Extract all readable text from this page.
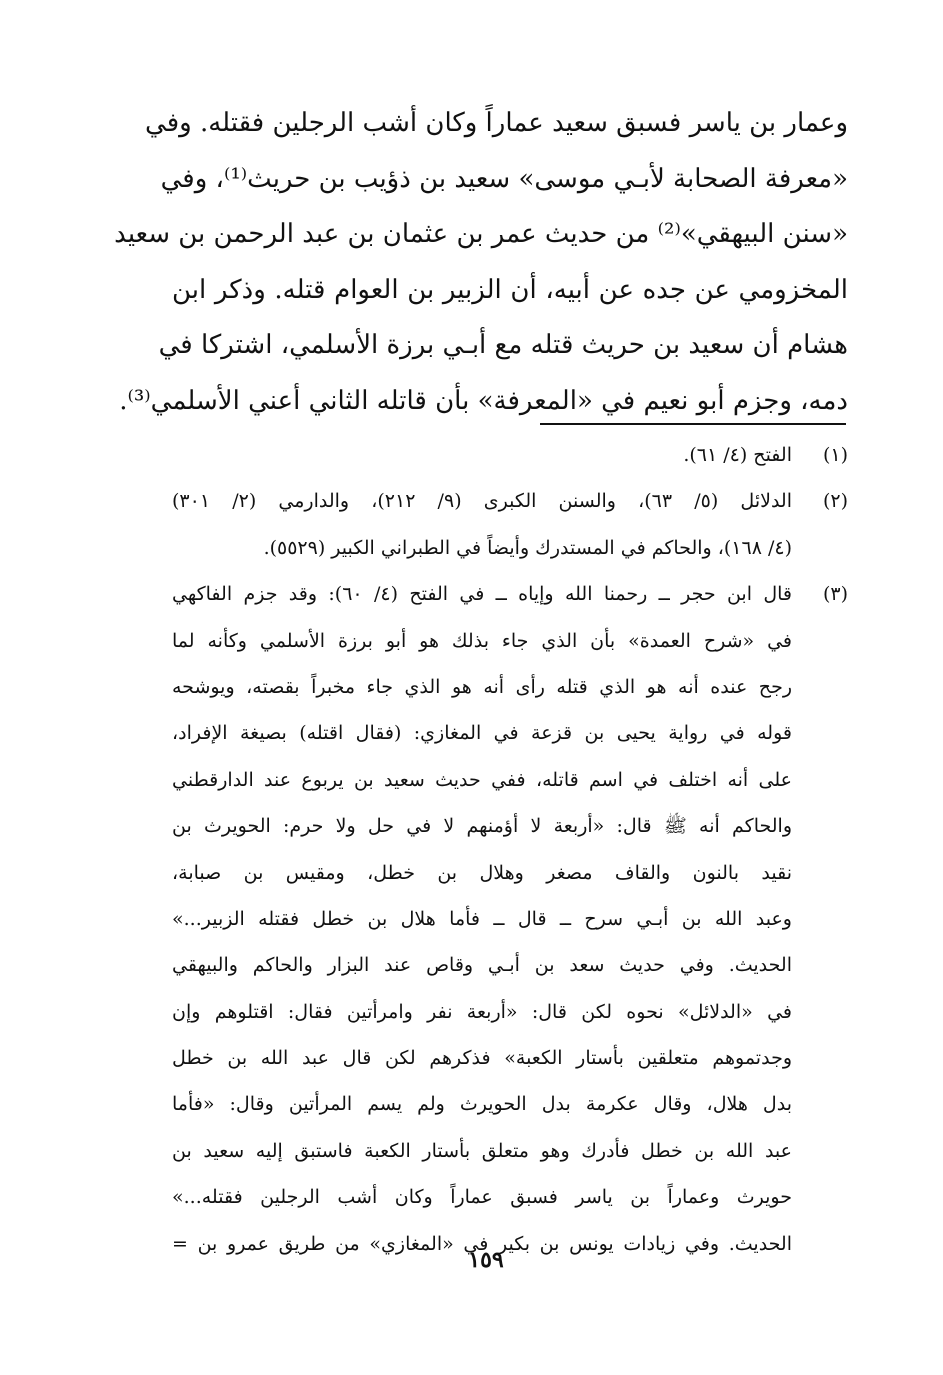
وعمار بن ياسر فسبق سعيد عماراً وكان أشب الرجلين فقتله. وفي
«معرفة الصحابة لأبـي موسى» سعيد بن ذؤيب بن حريث⁽¹⁾، وفي
«سنن البيهقي»⁽²⁾ من حديث عمر بن عثمان بن عبد الرحمن بن سعيد
المخزومي عن جده عن أبيه، أن الزبير بن العوام قتله. وذكر ابن
هشام أن سعيد بن حريث قتله مع أبـي برزة الأسلمي، اشتركا في
دمه، وجزم أبو نعيم في «المعرفة» بأن قاتله الثاني أعني الأسلمي⁽³⁾.
(١)
الفتح (٤/ ٦١).
(٢)
الدلائل (٥/ ٦٣)، والسنن الكبرى (٩/ ٢١٢)، والدارمي (٢/ ٣٠١)
(٤/ ١٦٨)، والحاكم في المستدرك وأيضاً في الطبراني الكبير (٥٥٢٩).
(٣)
قال ابن حجر ــ رحمنا الله وإياه ــ في الفتح (٤/ ٦٠): وقد جزم الفاكهي
في «شرح العمدة» بأن الذي جاء بذلك هو أبو برزة الأسلمي وكأنه لما
رجح عنده أنه هو الذي قتله رأى أنه هو الذي جاء مخبراً بقصته، ويوشحه
قوله في رواية يحيى بن قزعة في المغازي: (فقال اقتله) بصيغة الإفراد،
على أنه اختلف في اسم قاتله، ففي حديث سعيد بن يربوع عند الدارقطني
والحاكم أنه ﷺ قال: «أربعة لا أؤمنهم لا في حل ولا حرم: الحويرث بن
نقيد بالنون والقاف مصغر وهلال بن خطل، ومقيس بن صبابة،
وعبد الله بن أبـي سرح ــ قال ــ فأما هلال بن خطل فقتله الزبير...»
الحديث. وفي حديث سعد بن أبـي وقاص عند البزار والحاكم والبيهقي
في «الدلائل» نحوه لكن قال: «أربعة نفر وامرأتين فقال: اقتلوهم وإن
وجدتموهم متعلقين بأستار الكعبة» فذكرهم لكن قال عبد الله بن خطل
بدل هلال، وقال عكرمة بدل الحويرث ولم يسم المرأتين وقال: «فأما
عبد الله بن خطل فأدرك وهو متعلق بأستار الكعبة فاستبق إليه سعيد بن
حويرث وعماراً بن ياسر فسبق عماراً وكان أشب الرجلين فقتله...»
الحديث. وفي زيادات يونس بن بكير في «المغازي» من طريق عمرو بن =
١٥٩
